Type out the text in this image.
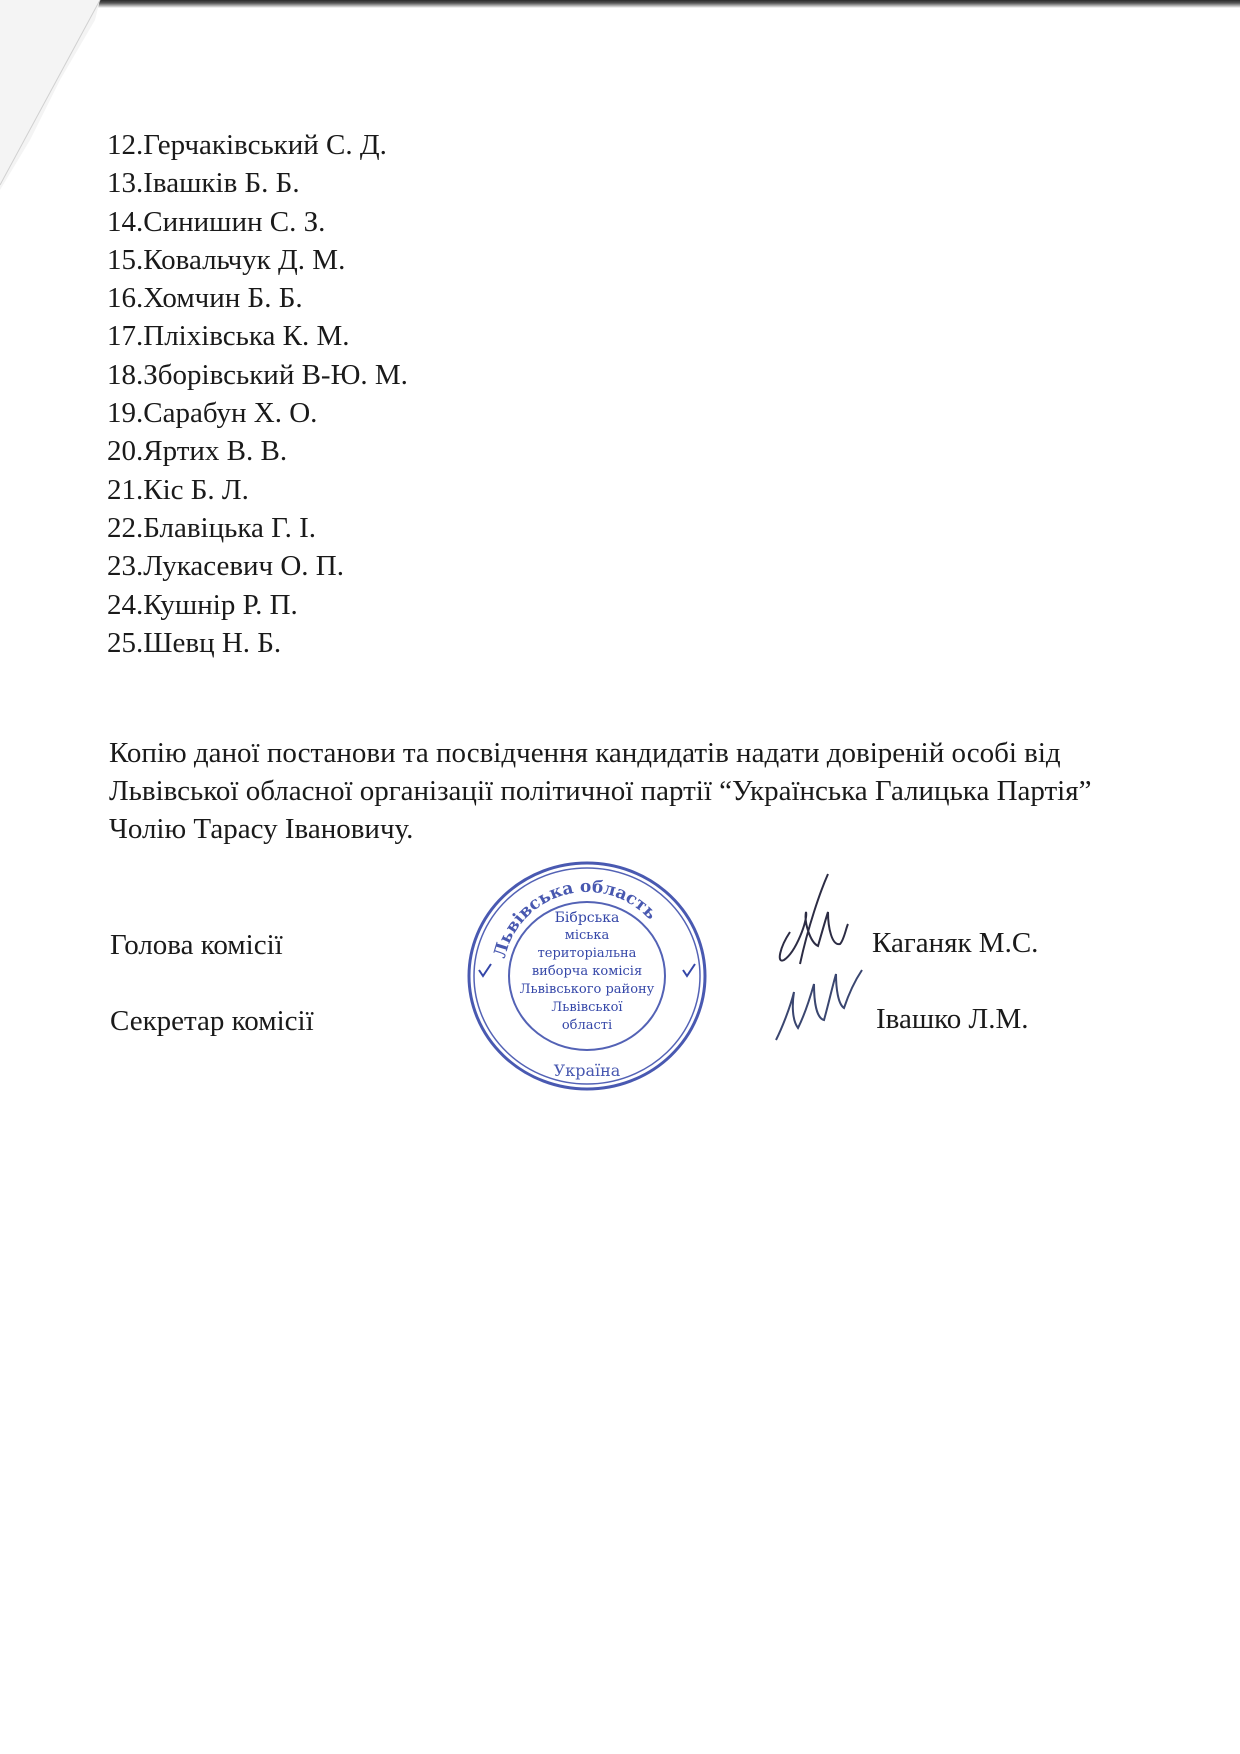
12.Герчаківський С. Д.
13.Івашків Б. Б.
14.Синишин С. З.
15.Ковальчук Д. М.
16.Хомчин Б. Б.
17.Пліхівська К. М.
18.Зборівський В-Ю. М.
19.Сарабун Х. О.
20.Яртих В. В.
21.Кіс Б. Л.
22.Блавіцька Г. І.
23.Лукасевич О. П.
24.Кушнір Р. П.
25.Шевц Н. Б.

Копію даної постанови та посвідчення кандидатів надати довіреній особі від Львівської обласної організації політичної партії “Українська Галицька Партія” Чолію Тарасу Івановичу.

Голова комісії	Каганяк М.С.
Секретар комісії	Івашко Л.М.
Львівська область
Україна
Бібрська
міська
територіальна
виборча комісія
Львівського району
Львівської
області
